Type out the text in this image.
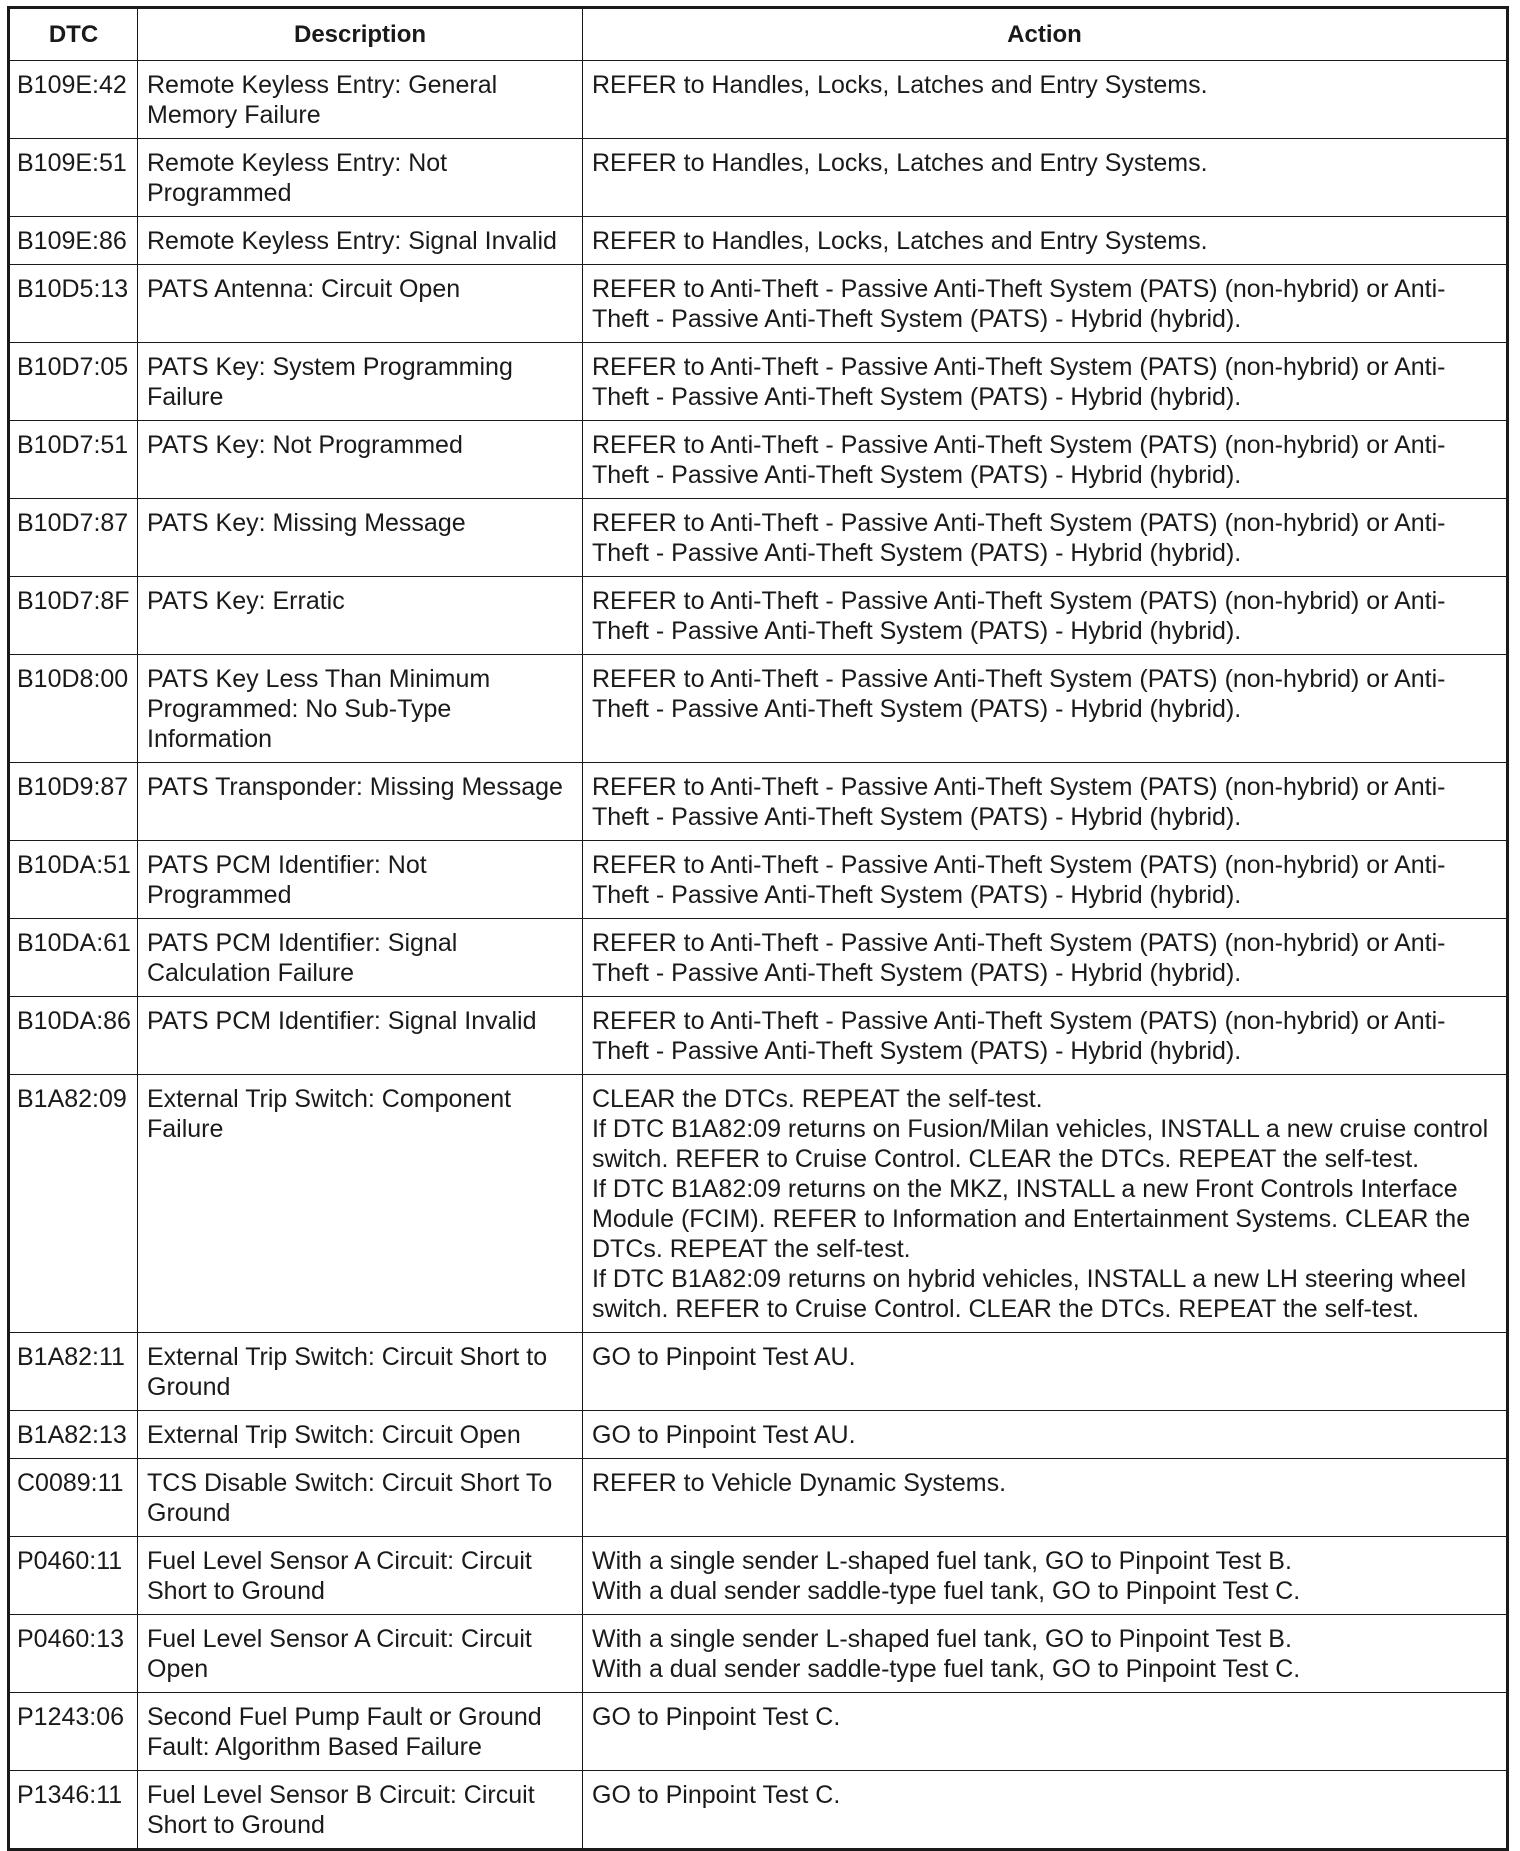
DTC	Description	Action
B109E:42	Remote Keyless Entry: General Memory Failure	REFER to Handles, Locks, Latches and Entry Systems.

B109E:51	Remote Keyless Entry: Not Programmed	REFER to Handles, Locks, Latches and Entry Systems.

B109E:86	Remote Keyless Entry: Signal Invalid	REFER to Handles, Locks, Latches and Entry Systems.

B10D5:13	PATS Antenna: Circuit Open	REFER to Anti-Theft - Passive Anti-Theft System (PATS) (non-hybrid) or Anti-Theft - Passive Anti-Theft System (PATS) - Hybrid (hybrid).

B10D7:05	PATS Key: System Programming Failure	REFER to Anti-Theft - Passive Anti-Theft System (PATS) (non-hybrid) or Anti-Theft - Passive Anti-Theft System (PATS) - Hybrid (hybrid).

B10D7:51	PATS Key: Not Programmed	REFER to Anti-Theft - Passive Anti-Theft System (PATS) (non-hybrid) or Anti-Theft - Passive Anti-Theft System (PATS) - Hybrid (hybrid).

B10D7:87	PATS Key: Missing Message	REFER to Anti-Theft - Passive Anti-Theft System (PATS) (non-hybrid) or Anti-Theft - Passive Anti-Theft System (PATS) - Hybrid (hybrid).

B10D7:8F	PATS Key: Erratic	REFER to Anti-Theft - Passive Anti-Theft System (PATS) (non-hybrid) or Anti-Theft - Passive Anti-Theft System (PATS) - Hybrid (hybrid).

B10D8:00	PATS Key Less Than Minimum Programmed: No Sub-Type Information	REFER to Anti-Theft - Passive Anti-Theft System (PATS) (non-hybrid) or Anti-Theft - Passive Anti-Theft System (PATS) - Hybrid (hybrid).

B10D9:87	PATS Transponder: Missing Message	REFER to Anti-Theft - Passive Anti-Theft System (PATS) (non-hybrid) or Anti-Theft - Passive Anti-Theft System (PATS) - Hybrid (hybrid).

B10DA:51	PATS PCM Identifier: Not Programmed	REFER to Anti-Theft - Passive Anti-Theft System (PATS) (non-hybrid) or Anti-Theft - Passive Anti-Theft System (PATS) - Hybrid (hybrid).

B10DA:61	PATS PCM Identifier: Signal Calculation Failure	REFER to Anti-Theft - Passive Anti-Theft System (PATS) (non-hybrid) or Anti-Theft - Passive Anti-Theft System (PATS) - Hybrid (hybrid).

B10DA:86	PATS PCM Identifier: Signal Invalid	REFER to Anti-Theft - Passive Anti-Theft System (PATS) (non-hybrid) or Anti-Theft - Passive Anti-Theft System (PATS) - Hybrid (hybrid).

B1A82:09	External Trip Switch: Component Failure	CLEAR the DTCs. REPEAT the self-test.
If DTC B1A82:09 returns on Fusion/Milan vehicles, INSTALL a new cruise control switch. REFER to Cruise Control. CLEAR the DTCs. REPEAT the self-test.
If DTC B1A82:09 returns on the MKZ, INSTALL a new Front Controls Interface Module (FCIM). REFER to Information and Entertainment Systems. CLEAR the DTCs. REPEAT the self-test.
If DTC B1A82:09 returns on hybrid vehicles, INSTALL a new LH steering wheel switch. REFER to Cruise Control. CLEAR the DTCs. REPEAT the self-test.

B1A82:11	External Trip Switch: Circuit Short to Ground	GO to Pinpoint Test AU.

B1A82:13	External Trip Switch: Circuit Open	GO to Pinpoint Test AU.

C0089:11	TCS Disable Switch: Circuit Short To Ground	REFER to Vehicle Dynamic Systems.

P0460:11	Fuel Level Sensor A Circuit: Circuit Short to Ground	With a single sender L-shaped fuel tank, GO to Pinpoint Test B.
With a dual sender saddle-type fuel tank, GO to Pinpoint Test C.

P0460:13	Fuel Level Sensor A Circuit: Circuit Open	With a single sender L-shaped fuel tank, GO to Pinpoint Test B.
With a dual sender saddle-type fuel tank, GO to Pinpoint Test C.

P1243:06	Second Fuel Pump Fault or Ground Fault: Algorithm Based Failure	GO to Pinpoint Test C.

P1346:11	Fuel Level Sensor B Circuit: Circuit Short to Ground	GO to Pinpoint Test C.
